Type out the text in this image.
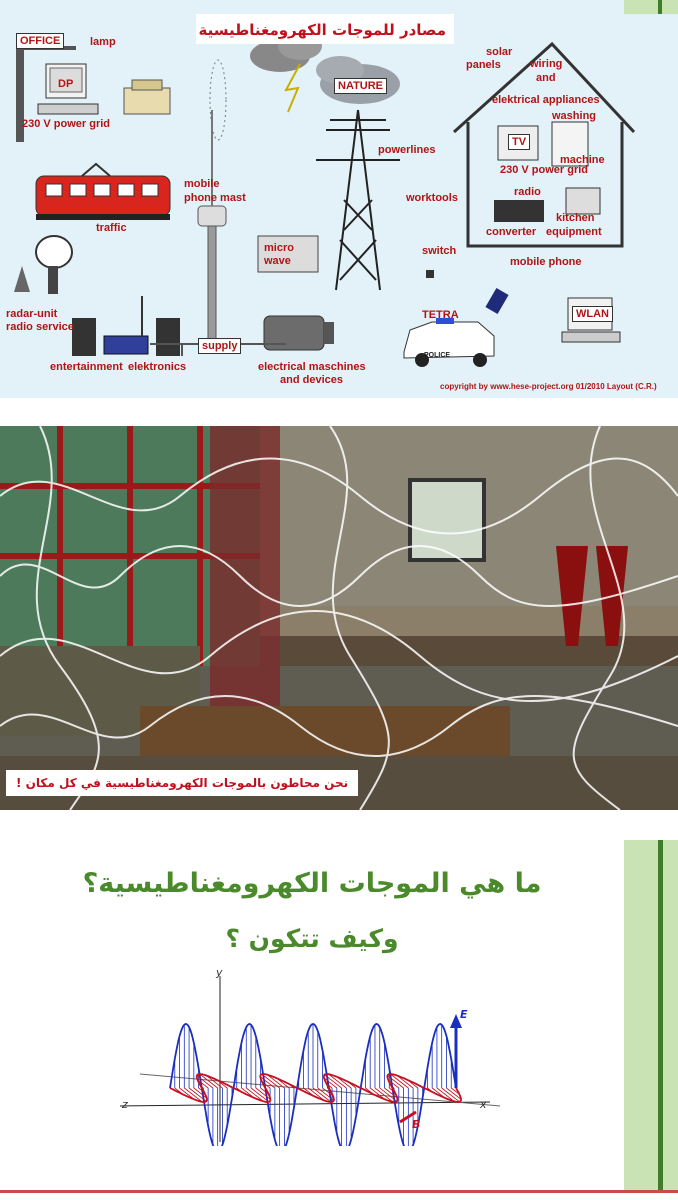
مصادر للموجات الكهرومغناطيسية
OFFICE	lamp
DP
230 V power grid
traffic
radar-unit
radio service
entertainment elektronics
supply
mobile
phone mast
micro
wave
electrical maschines
and devices
NATURE
powerlines
worktools
switch
TETRA
POLICE
solar
panels	wiring
and
elektrical appliances
washing
TV
machine
230 V power grid
radio
converter
kitchen
equipment
mobile phone
WLAN
copyright by www.hese-project.org 01/2010 Layout (C.R.)
نحن محاطون بالموجات الكهرومغناطيسية في كل مكان !
ما هي الموجات الكهرومغناطيسية؟
وكيف تتكون ؟
y
z	x
E
B
